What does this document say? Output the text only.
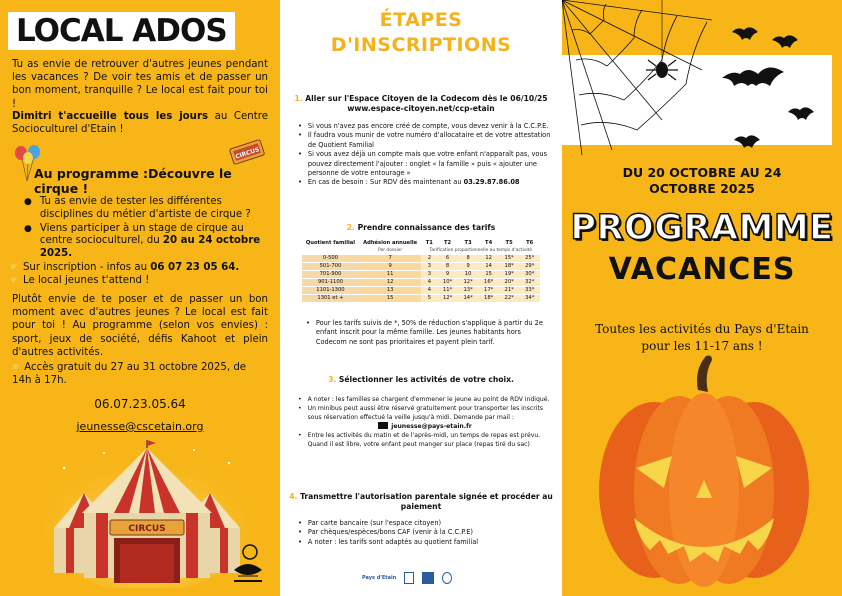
LOCAL ADOS

Tu as envie de retrouver d'autres jeunes pendant les vacances ? De voir tes amis et de passer un bon moment, tranquille ? Le local est fait pour toi !

Dimitri t'accueille tous les jours au Centre Socioculturel d'Etain !

CIRCUS
Au programme :Découvre le cirque !
● Tu as envie de tester les différentes disciplines du métier d'artiste de cirque ?
● Viens participer à un stage de cirque au centre socioculturel, du 20 au 24 octobre 2025.
☛ Sur inscription - infos au 06 07 23 05 64.
☛ Le local jeunes t'attend !

Plutôt envie de te poser et de passer un bon moment avec d'autres jeunes ? Le local est fait pour toi ! Au programme (selon vos envies) : sport, jeux de société, défis Kahoot et plein d'autres activités.

☛ Accès gratuit du 27 au 31 octobre 2025, de 14h à 17h.

06.07.23.05.64
jeunesse@cscetain.org
CIRCUS
ÉTAPES
D'INSCRIPTIONS
1. Aller sur l'Espace Citoyen de la Codecom dès le 06/10/25
www.espace-citoyen.net/ccp-etain
• Si vous n'avez pas encore créé de compte, vous devez venir à la C.C.P.E.
• Il faudra vous munir de votre numéro d'allocataire et de votre attestation de Quotient Familial
• Si vous avez déjà un compte mais que votre enfant n'apparaît pas, vous pouvez directement l'ajouter : onglet « la famille » puis « ajouter une personne de votre entourage »
• En cas de besoin : Sur RDV dès maintenant au 03.29.87.86.08
2. Prendre connaissance des tarifs
Quotient familial	Adhésion annuelle	T1	T2	T3	T4	T5	T6
	Par dossier	Tarification proportionnelle au temps d'activité					
0-500	7	2	6	8	12	15*	25*
501-700	9	3	8	9	14	18*	29*
701-900	11	3	9	10	15	19*	30*
901-1100	12	4	10*	12*	16*	20*	32*
1101-1300	13	4	11*	13*	17*	21*	33*
1301 et +	15	5	12*	14*	18*	22*	34*
• Pour les tarifs suivis de *, 50% de réduction s'applique à partir du 2e enfant inscrit pour la même famille. Les jeunes habitants hors Codecom ne sont pas prioritaires et payent plein tarif.
3. Sélectionner les activités de votre choix.
• A noter : les familles se chargent d'emmener le jeune au point de RDV indiqué.
• Un minibus peut aussi être réservé gratuitement pour transporter les inscrits sous réservation effectué la veille jusqu'à midi. Demande par mail :
jeunesse@pays-etain.fr
• Entre les activités du matin et de l'après-midi, un temps de repas est prévu. Quand il est libre, votre enfant peut manger sur place (repas tiré du sac)
4. Transmettre l'autorisation parentale signée et procéder au paiement
• Par carte bancaire (sur l'espace citoyen)
• Par chèques/espèces/bons CAF (venir à la C.C.P.E)
• A noter : les tarifs sont adaptés au quotient familial
Pays d'Etain
DU 20 OCTOBRE AU 24
OCTOBRE 2025
PROGRAMME
VACANCES
Toutes les activités du Pays d'Etain
pour les 11-17 ans !
